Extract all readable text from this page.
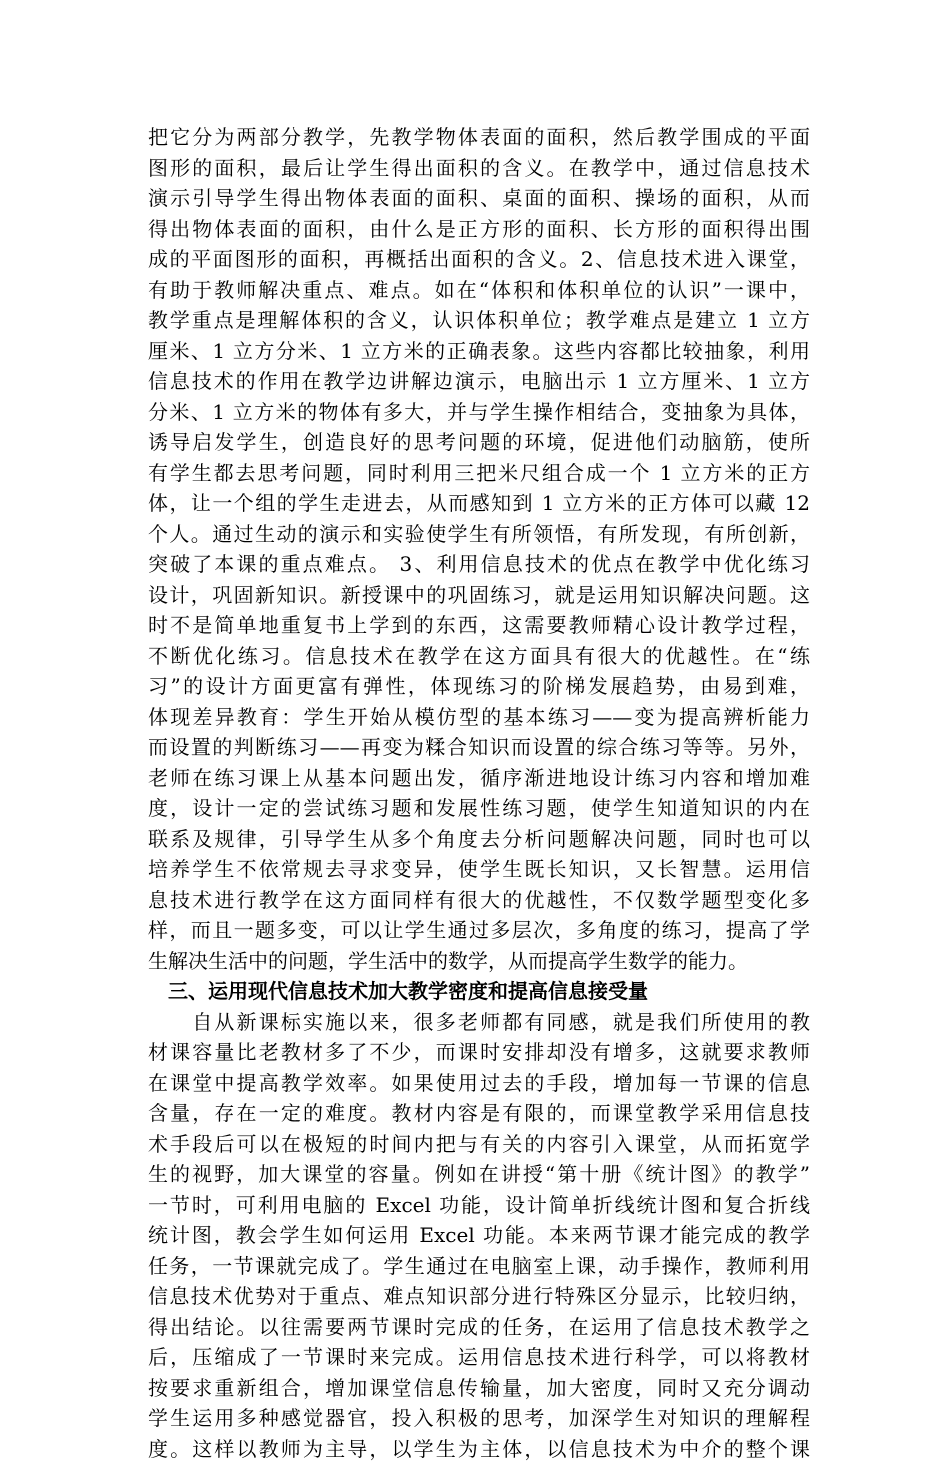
把它分为两部分教学，先教学物体表面的面积，然后教学围成的平面
图形的面积，最后让学生得出面积的含义。在教学中，通过信息技术
演示引导学生得出物体表面的面积、桌面的面积、操场的面积，从而
得出物体表面的面积，由什么是正方形的面积、长方形的面积得出围
成的平面图形的面积，再概括出面积的含义。2、信息技术进入课堂，
有助于教师解决重点、难点。如在“体积和体积单位的认识”一课中，
教学重点是理解体积的含义，认识体积单位；教学难点是建立 1 立方
厘米、1 立方分米、1 立方米的正确表象。这些内容都比较抽象，利用
信息技术的作用在教学边讲解边演示，电脑出示 1 立方厘米、1 立方
分米、1 立方米的物体有多大，并与学生操作相结合，变抽象为具体，
诱导启发学生，创造良好的思考问题的环境，促进他们动脑筋，使所
有学生都去思考问题，同时利用三把米尺组合成一个 1 立方米的正方
体，让一个组的学生走进去，从而感知到 1 立方米的正方体可以藏 12
个人。通过生动的演示和实验使学生有所领悟，有所发现，有所创新，
突破了本课的重点难点。 3、利用信息技术的优点在教学中优化练习
设计，巩固新知识。新授课中的巩固练习，就是运用知识解决问题。这
时不是简单地重复书上学到的东西，这需要教师精心设计教学过程，
不断优化练习。信息技术在教学在这方面具有很大的优越性。在“练
习”的设计方面更富有弹性，体现练习的阶梯发展趋势，由易到难，
体现差异教育：学生开始从模仿型的基本练习——变为提高辨析能力
而设置的判断练习——再变为糅合知识而设置的综合练习等等。另外，
老师在练习课上从基本问题出发，循序渐进地设计练习内容和增加难
度，设计一定的尝试练习题和发展性练习题，使学生知道知识的内在
联系及规律，引导学生从多个角度去分析问题解决问题，同时也可以
培养学生不依常规去寻求变异，使学生既长知识，又长智慧。运用信
息技术进行教学在这方面同样有很大的优越性，不仅数学题型变化多
样，而且一题多变，可以让学生通过多层次，多角度的练习，提高了学
生解决生活中的问题，学生活中的数学，从而提高学生数学的能力。
三、运用现代信息技术加大教学密度和提高信息接受量
　　自从新课标实施以来，很多老师都有同感，就是我们所使用的教
材课容量比老教材多了不少，而课时安排却没有增多，这就要求教师
在课堂中提高教学效率。如果使用过去的手段，增加每一节课的信息
含量，存在一定的难度。教材内容是有限的，而课堂教学采用信息技
术手段后可以在极短的时间内把与有关的内容引入课堂，从而拓宽学
生的视野，加大课堂的容量。例如在讲授“第十册《统计图》的教学”
一节时，可利用电脑的 Excel 功能，设计简单折线统计图和复合折线
统计图，教会学生如何运用 Excel 功能。本来两节课才能完成的教学
任务，一节课就完成了。学生通过在电脑室上课，动手操作，教师利用
信息技术优势对于重点、难点知识部分进行特殊区分显示，比较归纳，
得出结论。以往需要两节课时完成的任务，在运用了信息技术教学之
后，压缩成了一节课时来完成。运用信息技术进行科学，可以将教材
按要求重新组合，增加课堂信息传输量，加大密度，同时又充分调动
学生运用多种感觉器官，投入积极的思考，加深学生对知识的理解程
度。这样以教师为主导，以学生为主体，以信息技术为中介的整个课
